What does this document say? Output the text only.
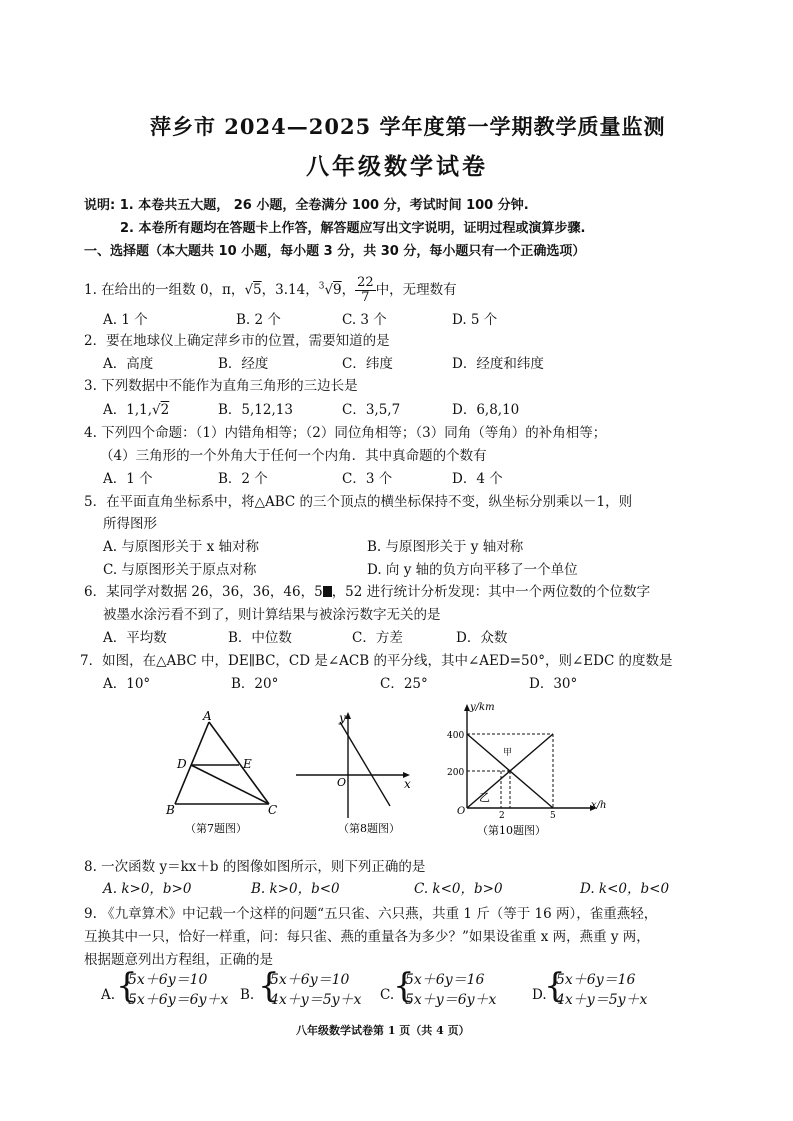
萍乡市 2024—2025 学年度第一学期教学质量监测
八年级数学试卷
说明: 1. 本卷共五大题， 26 小题，全卷满分 100 分，考试时间 100 分钟.
2. 本卷所有题均在答题卡上作答，解答题应写出文字说明，证明过程或演算步骤.
一、选择题（本大题共 10 小题，每小题 3 分，共 30 分，每小题只有一个正确选项）
1. 在给出的一组数 0，π，√5，3.14，$^3$√9， $\frac{22}{7}$ 中，无理数有
A. 1 个	B. 2 个	C. 3 个	D. 5 个
2．要在地球仪上确定萍乡市的位置，需要知道的是
A．高度	B．经度	C．纬度	D．经度和纬度
3. 下列数据中不能作为直角三角形的三边长是
A．1,1,√2	B．5,12,13	C．3,5,7	D．6,8,10
4. 下列四个命题：（1）内错角相等；（2）同位角相等；（3）同角（等角）的补角相等；
（4）三角形的一个外角大于任何一个内角．其中真命题的个数有
A．1 个	B．2 个	C．3 个	D．4 个
5．在平面直角坐标系中，将△ABC 的三个顶点的横坐标保持不变，纵坐标分别乘以－1，则
所得图形
A. 与原图形关于 x 轴对称	B. 与原图形关于 y 轴对称
C. 与原图形关于原点对称	D. 向 y 轴的负方向平移了一个单位
6．某同学对数据 26，36，36，46，5 ，52 进行统计分析发现：其中一个两位数的个位数字
被墨水涂污看不到了，则计算结果与被涂污数字无关的是
A．平均数	B．中位数	C．方差	D．众数
7．如图，在△ABC 中，DE∥BC，CD 是∠ACB 的平分线，其中∠AED=50°，则∠EDC 的度数是
A．10°	B．20°	C．25°	D．30°
A
D	E
B	C
（第7题图）
y
x
O
（第8题图）
y/km
x/h
400
200
2	5
O
甲
乙
（第10题图）
8. 一次函数 y＝kx＋b 的图像如图所示，则下列正确的是
A. k>0，b>0	B. k>0，b<0	C. k<0，b>0	D. k<0，b<0
9. 《九章算术》中记载一个这样的问题“五只雀、六只燕，共重 1 斤（等于 16 两），雀重燕轻，
互换其中一只，恰好一样重，问：每只雀、燕的重量各为多少？”如果设雀重 x 两，燕重 y 两，
根据题意列出方程组，正确的是
A. {
5x＋6y＝10
5x＋6y＝6y＋x B. {
5x＋6y＝10
4x＋y＝5y＋x C.
{
5x＋6y＝16
5x＋y＝6y＋x	D.
{
5x＋6y＝16
4x＋y＝5y＋x
八年级数学试卷第 1 页（共 4 页）
